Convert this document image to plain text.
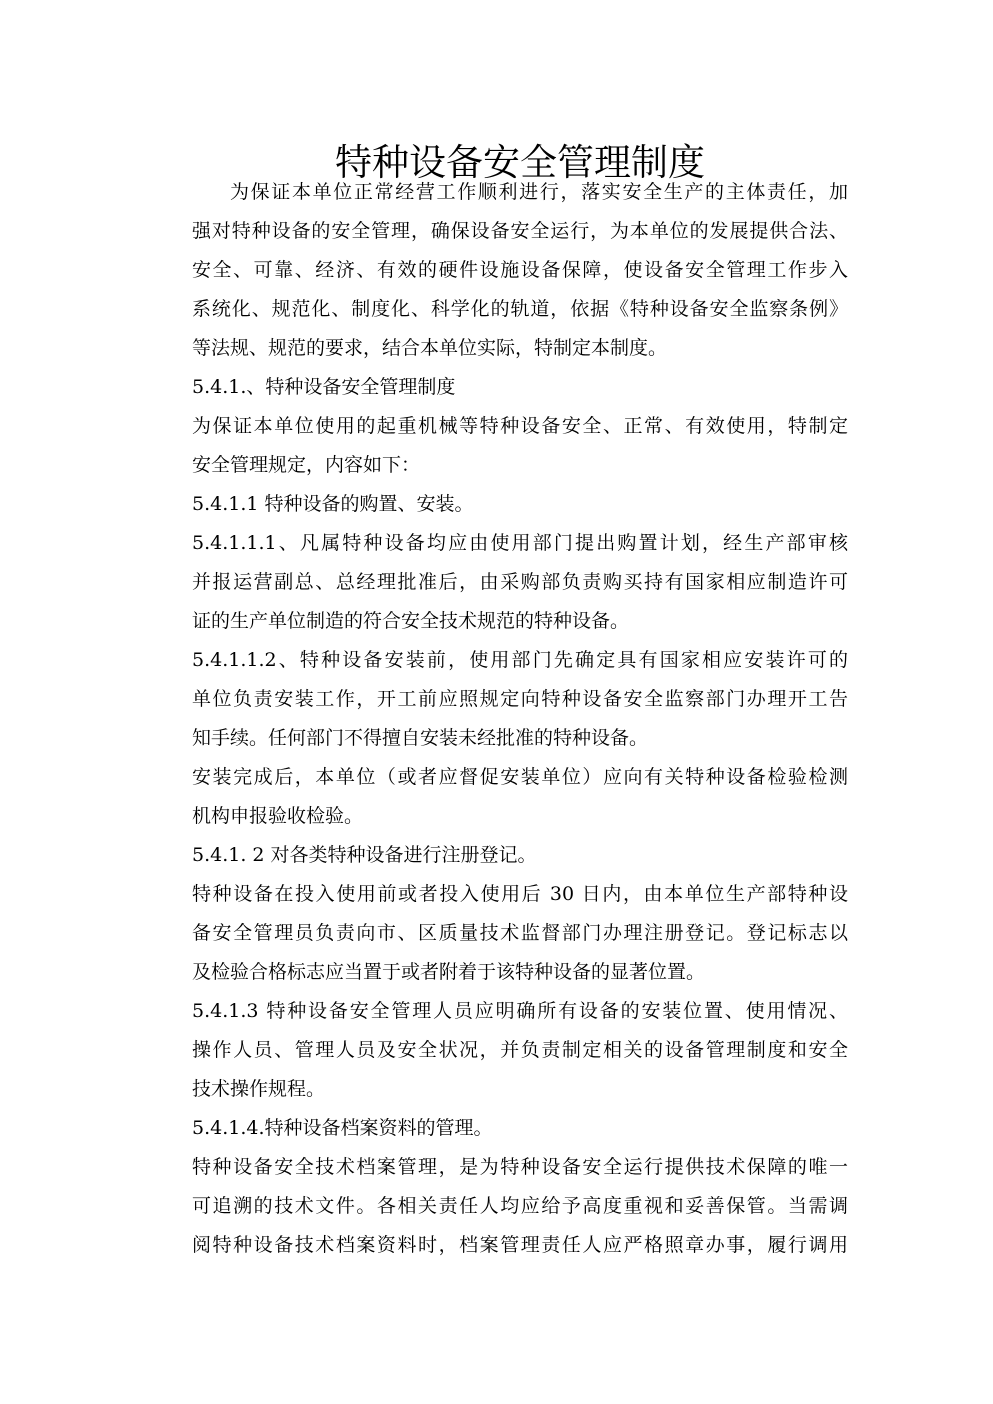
特种设备安全管理制度
为保证本单位正常经营工作顺利进行，落实安全生产的主体责任，加
强对特种设备的安全管理，确保设备安全运行，为本单位的发展提供合法、
安全、可靠、经济、有效的硬件设施设备保障，使设备安全管理工作步入
系统化、规范化、制度化、科学化的轨道，依据《特种设备安全监察条例》
等法规、规范的要求，结合本单位实际，特制定本制度。
5.4.1.、特种设备安全管理制度
为保证本单位使用的起重机械等特种设备安全、正常、有效使用，特制定
安全管理规定，内容如下：
5.4.1.1 特种设备的购置、安装。
5.4.1.1.1、凡属特种设备均应由使用部门提出购置计划，经生产部审核
并报运营副总、总经理批准后，由采购部负责购买持有国家相应制造许可
证的生产单位制造的符合安全技术规范的特种设备。
5.4.1.1.2、特种设备安装前，使用部门先确定具有国家相应安装许可的
单位负责安装工作，开工前应照规定向特种设备安全监察部门办理开工告
知手续。任何部门不得擅自安装未经批准的特种设备。
安装完成后，本单位（或者应督促安装单位）应向有关特种设备检验检测
机构申报验收检验。
5.4.1. 2 对各类特种设备进行注册登记。
特种设备在投入使用前或者投入使用后 30 日内，由本单位生产部特种设
备安全管理员负责向市、区质量技术监督部门办理注册登记。登记标志以
及检验合格标志应当置于或者附着于该特种设备的显著位置。
5.4.1.3 特种设备安全管理人员应明确所有设备的安装位置、使用情况、
操作人员、管理人员及安全状况，并负责制定相关的设备管理制度和安全
技术操作规程。
5.4.1.4.特种设备档案资料的管理。
特种设备安全技术档案管理，是为特种设备安全运行提供技术保障的唯一
可追溯的技术文件。各相关责任人均应给予高度重视和妥善保管。当需调
阅特种设备技术档案资料时，档案管理责任人应严格照章办事，履行调用
